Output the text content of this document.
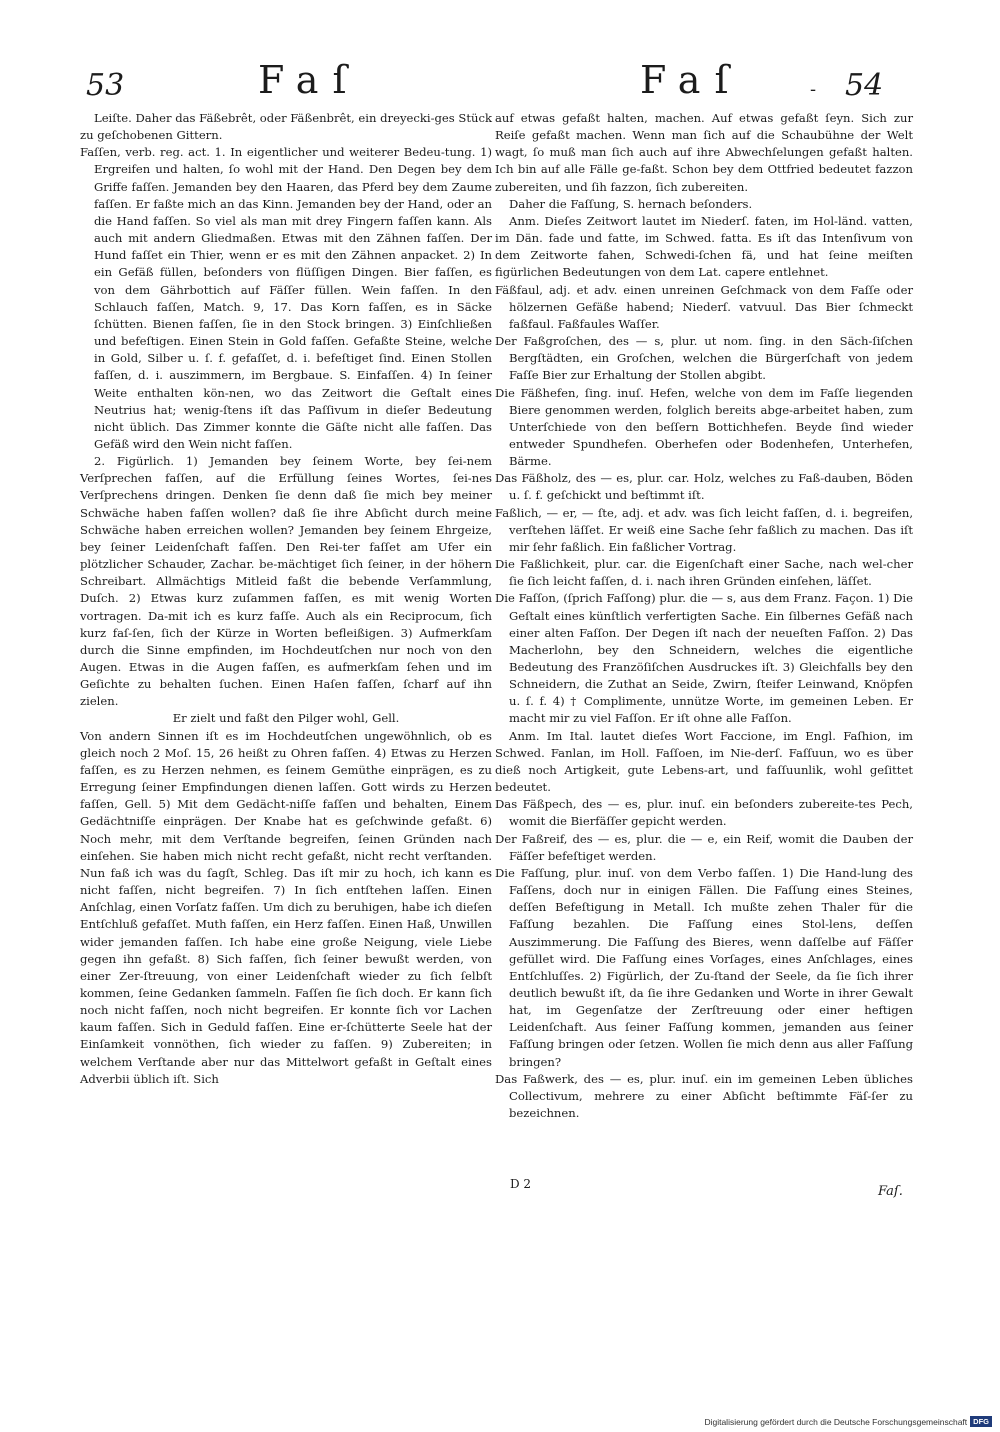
53	Faſ	Faſ	- 54

Leiſte. Daher das Fäßebrêt, oder Fäßenbrêt, ein dreyecki-ges Stück zu geſchobenen Gittern.

Faſſen, verb. reg. act. 1. In eigentlicher und weiterer Bedeu-tung. 1) Ergreifen und halten, ſo wohl mit der Hand. Den Degen bey dem Griffe faſſen. Jemanden bey den Haaren, das Pferd bey dem Zaume faſſen. Er faßte mich an das Kinn. Jemanden bey der Hand, oder an die Hand faſſen. So viel als man mit drey Fingern faſſen kann. Als auch mit andern Gliedmaßen. Etwas mit den Zähnen faſſen. Der Hund faſſet ein Thier, wenn er es mit den Zähnen anpacket. 2) In ein Gefäß füllen, beſonders von flüſſigen Dingen. Bier faſſen, es von dem Gährbottich auf Fäſſer füllen. Wein faſſen. In den Schlauch faſſen, Match. 9, 17. Das Korn faſſen, es in Säcke ſchütten. Bienen faſſen, ſie in den Stock bringen. 3) Einſchließen und befeſtigen. Einen Stein in Gold faſſen. Gefaßte Steine, welche in Gold, Silber u. ſ. f. gefaſſet, d. i. befeſtiget ſind. Einen Stollen faſſen, d. i. auszimmern, im Bergbaue. S. Einfaſſen. 4) In ſeiner Weite enthalten kön-nen, wo das Zeitwort die Geſtalt eines Neutrius hat; wenig-ſtens iſt das Paſſivum in dieſer Bedeutung nicht üblich. Das Zimmer konnte die Gäſte nicht alle faſſen. Das Gefäß wird den Wein nicht faſſen.

2. Figürlich. 1) Jemanden bey ſeinem Worte, bey ſei-nem Verſprechen faſſen, auf die Erfüllung ſeines Wortes, ſei-nes Verſprechens dringen. Denken ſie denn daß ſie mich bey meiner Schwäche haben faſſen wollen? daß ſie ihre Abſicht durch meine Schwäche haben erreichen wollen? Jemanden bey ſeinem Ehrgeize, bey ſeiner Leidenſchaft faſſen. Den Rei-ter faſſet am Ufer ein plötzlicher Schauder, Zachar. be-mächtiget ſich ſeiner, in der höhern Schreibart. Allmächtigs Mitleid faßt die bebende Verſammlung, Duſch. 2) Etwas kurz zuſammen faſſen, es mit wenig Worten vortragen. Da-mit ich es kurz faſſe. Auch als ein Reciprocum, ſich kurz faſ-ſen, ſich der Kürze in Worten befleißigen. 3) Aufmerkſam durch die Sinne empfinden, im Hochdeutſchen nur noch von den Augen. Etwas in die Augen faſſen, es aufmerkſam ſehen und im Geſichte zu behalten ſuchen. Einen Haſen faſſen, ſcharf auf ihn zielen.

Er zielt und faßt den Pilger wohl, Gell.

Von andern Sinnen iſt es im Hochdeutſchen ungewöhnlich, ob es gleich noch 2 Moſ. 15, 26 heißt zu Ohren faſſen. 4) Etwas zu Herzen faſſen, es zu Herzen nehmen, es ſeinem Gemüthe einprägen, es zu Erregung ſeiner Empfindungen dienen laſſen. Gott wirds zu Herzen faſſen, Gell. 5) Mit dem Gedächt-niſſe faſſen und behalten, Einem Gedächtniſſe einprägen. Der Knabe hat es geſchwinde gefaßt. 6) Noch mehr, mit dem Verſtande begreifen, ſeinen Gründen nach einſehen. Sie haben mich nicht recht gefaßt, nicht recht verſtanden. Nun faß ich was du ſagſt, Schleg. Das iſt mir zu hoch, ich kann es nicht faſſen, nicht begreifen. 7) In ſich entſtehen laſſen. Einen Anſchlag, einen Vorſatz faſſen. Um dich zu beruhigen, habe ich dieſen Entſchluß gefaſſet. Muth faſſen, ein Herz faſſen. Einen Haß, Unwillen wider jemanden faſſen. Ich habe eine große Neigung, viele Liebe gegen ihn gefaßt. 8) Sich faſſen, ſich ſeiner bewußt werden, von einer Zer-ſtreuung, von einer Leidenſchaft wieder zu ſich ſelbſt kommen, ſeine Gedanken ſammeln. Faſſen ſie ſich doch. Er kann ſich noch nicht faſſen, noch nicht begreifen. Er konnte ſich vor Lachen kaum faſſen. Sich in Geduld faſſen. Eine er-ſchütterte Seele hat der Einſamkeit vonnöthen, ſich wieder zu faſſen. 9) Zubereiten; in welchem Verſtande aber nur das Mittelwort gefaßt in Geſtalt eines Adverbii üblich iſt. Sich

auf etwas gefaßt halten, machen. Auf etwas gefaßt ſeyn. Sich zur Reiſe gefaßt machen. Wenn man ſich auf die Schaubühne der Welt wagt, ſo muß man ſich auch auf ihre Abwechſelungen gefaßt halten. Ich bin auf alle Fälle ge-faßt. Schon bey dem Ottfried bedeutet fazzon zubereiten, und ſih fazzon, ſich zubereiten.

Daher die Faſſung, S. hernach beſonders.

Anm. Dieſes Zeitwort lautet im Niederſ. faten, im Hol-länd. vatten, im Dän. fade und fatte, im Schwed. fatta. Es iſt das Intenſivum von dem Zeitworte fahen, Schwedi-ſchen fä, und hat ſeine meiſten figürlichen Bedeutungen von dem Lat. capere entlehnet.

Fäßfaul, adj. et adv. einen unreinen Geſchmack von dem Faſſe oder hölzernen Gefäße habend; Niederſ. vatvuul. Das Bier ſchmeckt faßfaul. Faßfaules Waſſer.

Der Faßgroſchen, des — s, plur. ut nom. ſing. in den Säch-ſiſchen Bergſtädten, ein Groſchen, welchen die Bürgerſchaft von jedem Faſſe Bier zur Erhaltung der Stollen abgibt.

Die Fäßhefen, ſing. inuſ. Hefen, welche von dem im Faſſe liegenden Biere genommen werden, folglich bereits abge-arbeitet haben, zum Unterſchiede von den beſſern Bottichhefen. Beyde ſind wieder entweder Spundhefen. Oberhefen oder Bodenhefen, Unterhefen, Bärme.

Das Fäßholz, des — es, plur. car. Holz, welches zu Faß-dauben, Böden u. ſ. f. geſchickt und beſtimmt iſt.

Faßlich, — er, — ſte, adj. et adv. was ſich leicht faſſen, d. i. begreifen, verſtehen läſſet. Er weiß eine Sache ſehr faßlich zu machen. Das iſt mir ſehr faßlich. Ein faßlicher Vortrag.

Die Faßlichkeit, plur. car. die Eigenſchaft einer Sache, nach wel-cher ſie ſich leicht faſſen, d. i. nach ihren Gründen einſehen, läſſet.

Die Faſſon, (ſprich Faſſong) plur. die — s, aus dem Franz. Façon. 1) Die Geſtalt eines künſtlich verfertigten Sache. Ein ſilbernes Gefäß nach einer alten Faſſon. Der Degen iſt nach der neueſten Faſſon. 2) Das Macherlohn, bey den Schneidern, welches die eigentliche Bedeutung des Franzöſiſchen Ausdruckes iſt. 3) Gleichfalls bey den Schneidern, die Zuthat an Seide, Zwirn, ſteifer Leinwand, Knöpfen u. ſ. f. 4) † Complimente, unnütze Worte, im gemeinen Leben. Er macht mir zu viel Faſſon. Er iſt ohne alle Faſſon.

Anm. Im Ital. lautet dieſes Wort Faccione, im Engl. Faſhion, im Schwed. Fanlan, im Holl. Faſſoen, im Nie-derſ. Faſſuun, wo es über dieß noch Artigkeit, gute Lebens-art, und faſſuunlik, wohl geſittet bedeutet.

Das Fäßpech, des — es, plur. inuſ. ein beſonders zubereite-tes Pech, womit die Bierfäſſer gepicht werden.

Der Faßreif, des — es, plur. die — e, ein Reif, womit die Dauben der Fäſſer befeſtiget werden.

Die Faſſung, plur. inuſ. von dem Verbo faſſen. 1) Die Hand-lung des Faſſens, doch nur in einigen Fällen. Die Faſſung eines Steines, deſſen Befeſtigung in Metall. Ich mußte zehen Thaler für die Faſſung bezahlen. Die Faſſung eines Stol-lens, deſſen Auszimmerung. Die Faſſung des Bieres, wenn daſſelbe auf Fäſſer gefüllet wird. Die Faſſung eines Vorſages, eines Anſchlages, eines Entſchluſſes. 2) Figürlich, der Zu-ſtand der Seele, da ſie ſich ihrer deutlich bewußt iſt, da ſie ihre Gedanken und Worte in ihrer Gewalt hat, im Gegenſatze der Zerſtreuung oder einer heftigen Leidenſchaft. Aus ſeiner Faſſung kommen, jemanden aus ſeiner Faſſung bringen oder ſetzen. Wollen ſie mich denn aus aller Faſſung bringen?

Das Faßwerk, des — es, plur. inuſ. ein im gemeinen Leben übliches Collectivum, mehrere zu einer Abſicht beſtimmte Fäſ-ſer zu bezeichnen.

D 2	Faſ.
Digitalisierung gefördert durch die Deutsche Forschungsgemeinschaft DFG
